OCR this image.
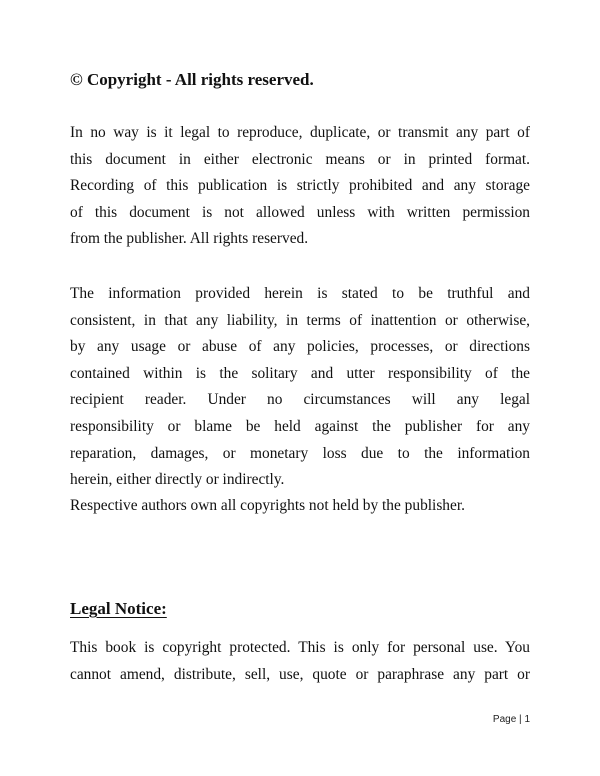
© Copyright - All rights reserved.

In no way is it legal to reproduce, duplicate, or transmit any part of
this document in either electronic means or in printed format.
Recording of this publication is strictly prohibited and any storage
of this document is not allowed unless with written permission
from the publisher. All rights reserved.

The information provided herein is stated to be truthful and
consistent, in that any liability, in terms of inattention or otherwise,
by any usage or abuse of any policies, processes, or directions
contained within is the solitary and utter responsibility of the
recipient reader. Under no circumstances will any legal
responsibility or blame be held against the publisher for any
reparation, damages, or monetary loss due to the information
herein, either directly or indirectly.

Respective authors own all copyrights not held by the publisher.

Legal Notice:

This book is copyright protected. This is only for personal use. You
cannot amend, distribute, sell, use, quote or paraphrase any part or

Page | 1
